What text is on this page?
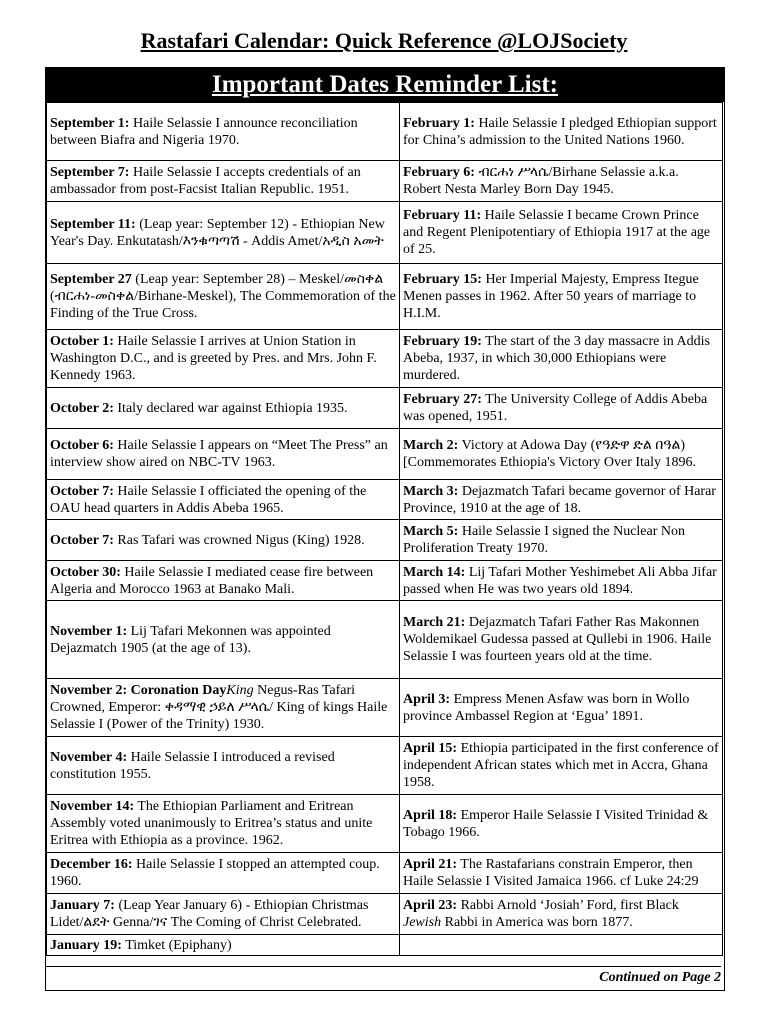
Rastafari Calendar: Quick Reference @LOJSociety
Important Dates Reminder List:
September 1: Haile Selassie I announce reconciliation between Biafra and Nigeria 1970.	February 1: Haile Selassie I pledged Ethiopian support for China’s admission to the United Nations 1960.
September 7: Haile Selassie I accepts credentials of an ambassador from post-Facsist Italian Republic. 1951.	February 6: ብርሐነ ሥላሴ/Birhane Selassie a.k.a. Robert Nesta Marley Born Day 1945.
September 11: (Leap year: September 12) - Ethiopian New Year's Day. Enkutatash/እንቁጣጣሽ - Addis Amet/አዲስ አመት	February 11: Haile Selassie I became Crown Prince and Regent Plenipotentiary of Ethiopia 1917 at the age of 25.
September 27 (Leap year: September 28) – Meskel/መስቀል (ብርሐነ-መስቀል/Birhane-Meskel), The Commemoration of the Finding of the True Cross.	February 15: Her Imperial Majesty, Empress Itegue Menen passes in 1962. After 50 years of marriage to H.I.M.
October 1: Haile Selassie I arrives at Union Station in Washington D.C., and is greeted by Pres. and Mrs. John F. Kennedy 1963.	February 19: The start of the 3 day massacre in Addis Abeba, 1937, in which 30,000 Ethiopians were murdered.
October 2: Italy declared war against Ethiopia 1935.	February 27: The University College of Addis Abeba was opened, 1951.
October 6: Haile Selassie I appears on “Meet The Press” an interview show aired on NBC-TV 1963.	March 2: Victory at Adowa Day (የዓድዋ ድል በዓል) [Commemorates Ethiopia's Victory Over Italy 1896.
October 7: Haile Selassie I officiated the opening of the OAU head quarters in Addis Abeba 1965.	March 3: Dejazmatch Tafari became governor of Harar Province, 1910 at the age of 18.
October 7: Ras Tafari was crowned Nigus (King) 1928.	March 5: Haile Selassie I signed the Nuclear Non Proliferation Treaty 1970.
October 30: Haile Selassie I mediated cease fire between Algeria and Morocco 1963 at Banako Mali.	March 14: Lij Tafari Mother Yeshimebet Ali Abba Jifar passed when He was two years old 1894.
November 1: Lij Tafari Mekonnen was appointed Dejazmatch 1905 (at the age of 13).	March 21: Dejazmatch Tafari Father Ras Makonnen Woldemikael Gudessa passed at Qullebi in 1906. Haile Selassie I was fourteen years old at the time.
November 2: Coronation DayKing Negus-Ras Tafari Crowned, Emperor: ቀዳማዊ ኃይለ ሥላሴ/ King of kings Haile Selassie I (Power of the Trinity) 1930.	April 3: Empress Menen Asfaw was born in Wollo province Ambassel Region at ‘Egua’ 1891.
November 4: Haile Selassie I introduced a revised constitution 1955.	April 15: Ethiopia participated in the first conference of independent African states which met in Accra, Ghana 1958.
November 14: The Ethiopian Parliament and Eritrean Assembly voted unanimously to Eritrea’s status and unite Eritrea with Ethiopia as a province. 1962.	April 18: Emperor Haile Selassie I Visited Trinidad & Tobago 1966.
December 16: Haile Selassie I stopped an attempted coup. 1960.	April 21: The Rastafarians constrain Emperor, then Haile Selassie I Visited Jamaica 1966. cf Luke 24:29
January 7: (Leap Year January 6) - Ethiopian Christmas Lidet/ልደት Genna/ገና The Coming of Christ Celebrated.	April 23: Rabbi Arnold ‘Josiah’ Ford, first Black Jewish Rabbi in America was born 1877.
January 19: Timket (Epiphany)	
Continued on Page 2
